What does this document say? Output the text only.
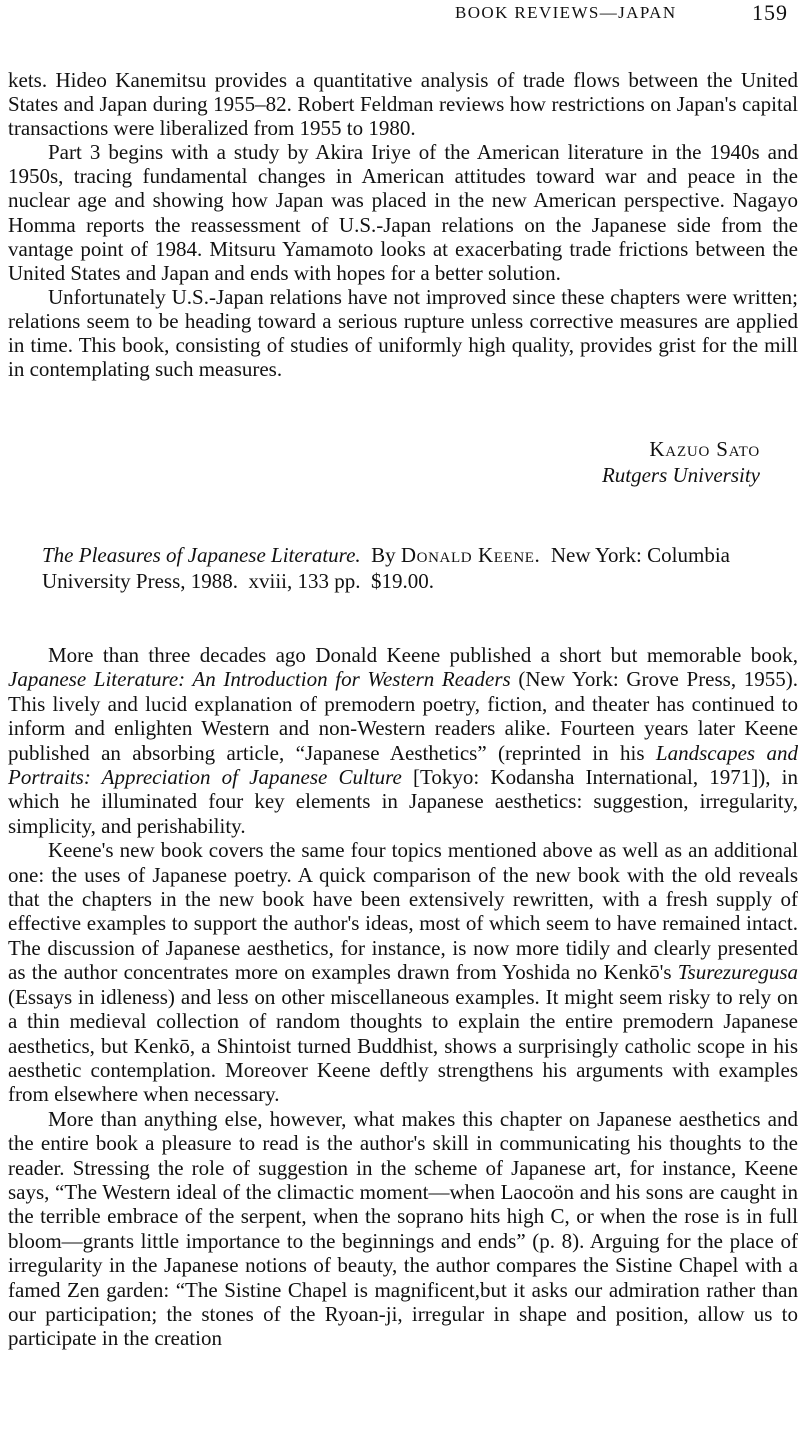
BOOK REVIEWS—JAPAN	159

kets. Hideo Kanemitsu provides a quantitative analysis of trade flows between the United States and Japan during 1955–82. Robert Feldman reviews how restrictions on Japan's capital transactions were liberalized from 1955 to 1980.

Part 3 begins with a study by Akira Iriye of the American literature in the 1940s and 1950s, tracing fundamental changes in American attitudes toward war and peace in the nuclear age and showing how Japan was placed in the new American perspective. Nagayo Homma reports the reassessment of U.S.-Japan relations on the Japanese side from the vantage point of 1984. Mitsuru Yamamoto looks at exacerbating trade frictions between the United States and Japan and ends with hopes for a better solution.

Unfortunately U.S.-Japan relations have not improved since these chapters were written; relations seem to be heading toward a serious rupture unless corrective measures are applied in time. This book, consisting of studies of uniformly high quality, provides grist for the mill in contemplating such measures.

Kazuo Sato
Rutgers University
The Pleasures of Japanese Literature. By Donald Keene. New York: Columbia University Press, 1988. xviii, 133 pp. $19.00.

More than three decades ago Donald Keene published a short but memorable book, Japanese Literature: An Introduction for Western Readers (New York: Grove Press, 1955). This lively and lucid explanation of premodern poetry, fiction, and theater has continued to inform and enlighten Western and non-Western readers alike. Fourteen years later Keene published an absorbing article, “Japanese Aesthetics” (reprinted in his Landscapes and Portraits: Appreciation of Japanese Culture [Tokyo: Kodansha International, 1971]), in which he illuminated four key elements in Japanese aesthetics: suggestion, irregularity, simplicity, and perishability.

Keene's new book covers the same four topics mentioned above as well as an additional one: the uses of Japanese poetry. A quick comparison of the new book with the old reveals that the chapters in the new book have been extensively rewritten, with a fresh supply of effective examples to support the author's ideas, most of which seem to have remained intact. The discussion of Japanese aesthetics, for instance, is now more tidily and clearly presented as the author concentrates more on examples drawn from Yoshida no Kenkō's Tsurezuregusa (Essays in idleness) and less on other miscellaneous examples. It might seem risky to rely on a thin medieval collection of random thoughts to explain the entire premodern Japanese aesthetics, but Kenkō, a Shintoist turned Buddhist, shows a surprisingly catholic scope in his aesthetic contemplation. Moreover Keene deftly strengthens his arguments with examples from elsewhere when necessary.

More than anything else, however, what makes this chapter on Japanese aesthetics and the entire book a pleasure to read is the author's skill in communicating his thoughts to the reader. Stressing the role of suggestion in the scheme of Japanese art, for instance, Keene says, “The Western ideal of the climactic moment—when Laocoön and his sons are caught in the terrible embrace of the serpent, when the soprano hits high C, or when the rose is in full bloom—grants little importance to the beginnings and ends” (p. 8). Arguing for the place of irregularity in the Japanese notions of beauty, the author compares the Sistine Chapel with a famed Zen garden: “The Sistine Chapel is magnificent,but it asks our admiration rather than our participation; the stones of the Ryoan-ji, irregular in shape and position, allow us to participate in the creation
